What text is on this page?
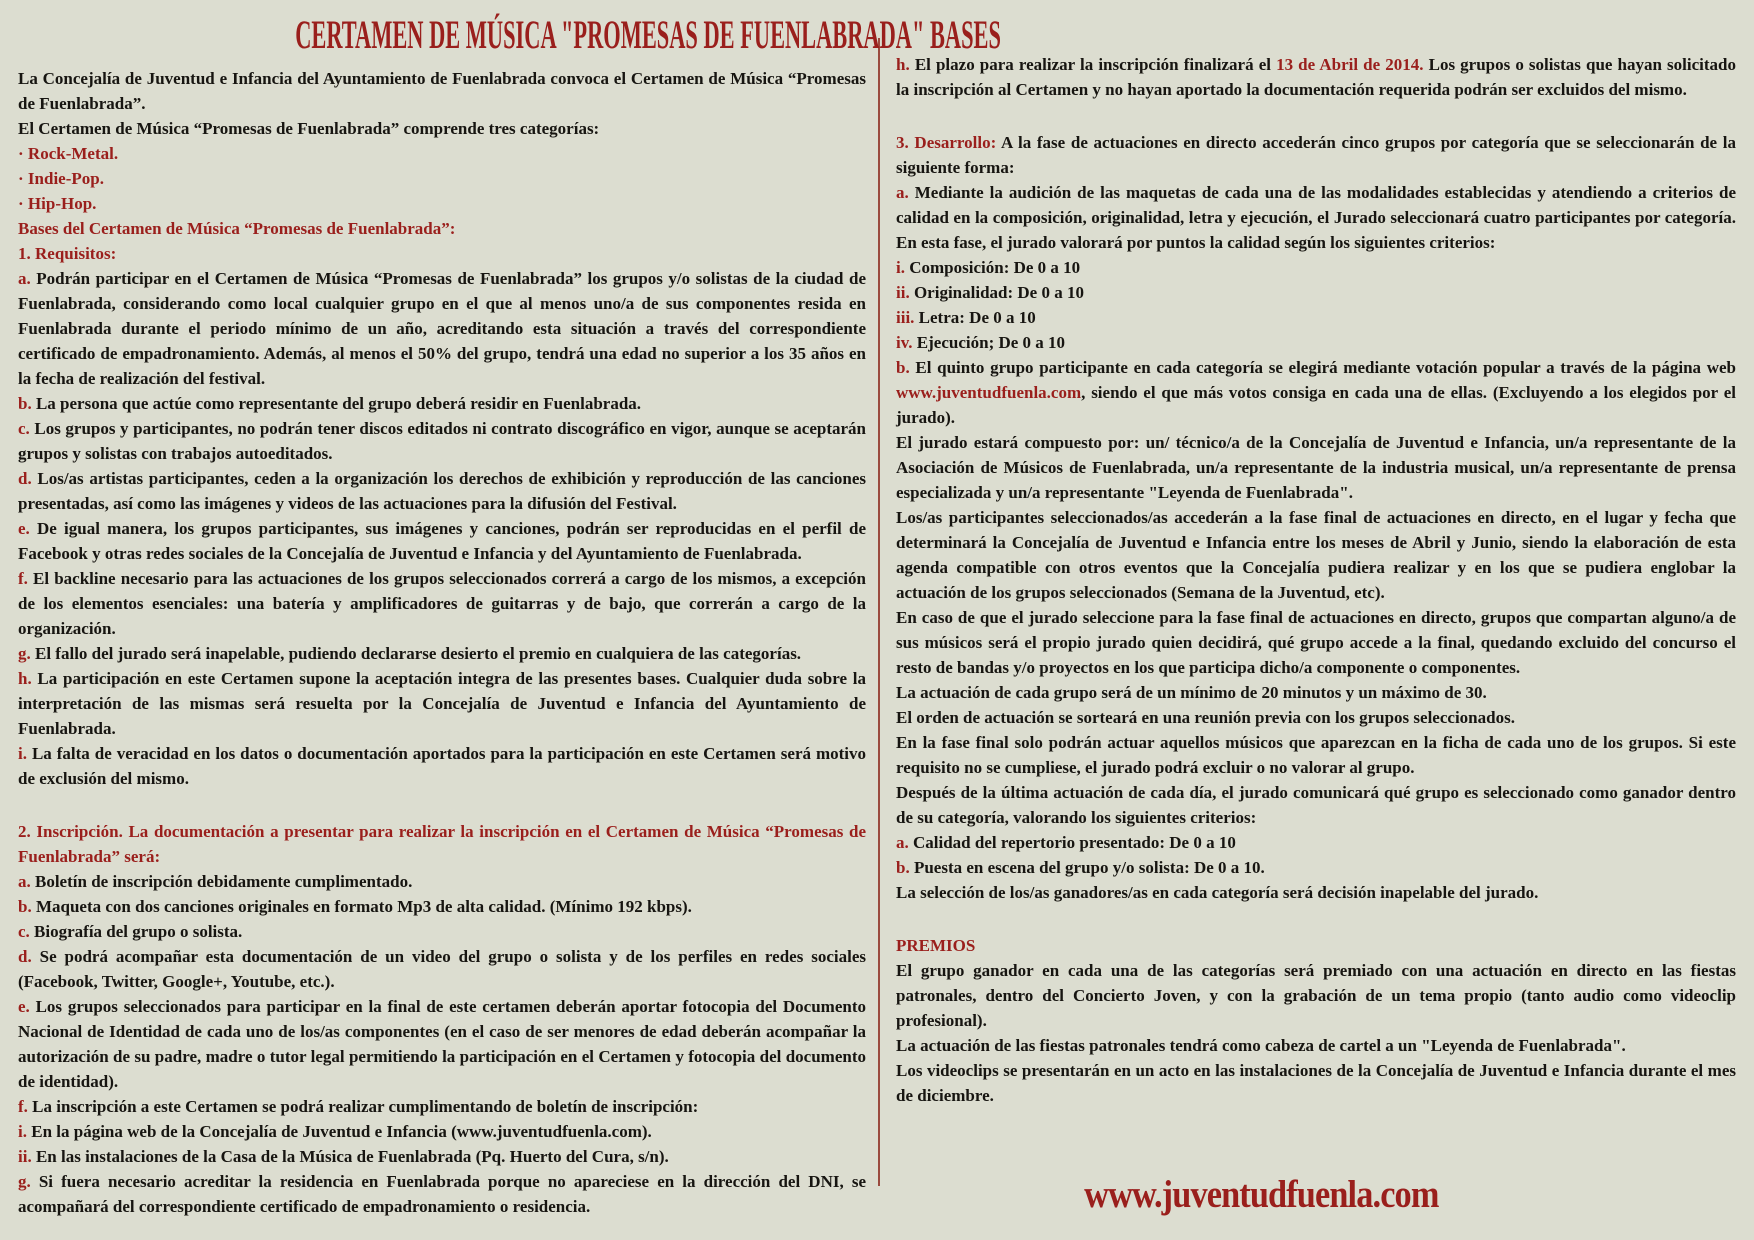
CERTAMEN DE MÚSICA "PROMESAS DE FUENLABRADA" BASES

La Concejalía de Juventud e Infancia del Ayuntamiento de Fuenlabrada convoca el Certamen de Música “Promesas de Fuenlabrada”.

El Certamen de Música “Promesas de Fuenlabrada” comprende tres categorías:

· Rock-Metal.

· Indie-Pop.

· Hip-Hop.

Bases del Certamen de Música “Promesas de Fuenlabrada”:

1. Requisitos:

a. Podrán participar en el Certamen de Música “Promesas de Fuenlabrada” los grupos y/o solistas de la ciudad de Fuenlabrada, considerando como local cualquier grupo en el que al menos uno/a de sus componentes resida en Fuenlabrada durante el periodo mínimo de un año, acreditando esta situación a través del correspondiente certificado de empadronamiento. Además, al menos el 50% del grupo, tendrá una edad no superior a los 35 años en la fecha de realización del festival.

b. La persona que actúe como representante del grupo deberá residir en Fuenlabrada.

c. Los grupos y participantes, no podrán tener discos editados ni contrato discográfico en vigor, aunque se aceptarán grupos y solistas con trabajos autoeditados.

d. Los/as artistas participantes, ceden a la organización los derechos de exhibición y reproducción de las canciones presentadas, así como las imágenes y videos de las actuaciones para la difusión del Festival.

e. De igual manera, los grupos participantes, sus imágenes y canciones, podrán ser reproducidas en el perfil de Facebook y otras redes sociales de la Concejalía de Juventud e Infancia y del Ayuntamiento de Fuenlabrada.

f. El backline necesario para las actuaciones de los grupos seleccionados correrá a cargo de los mismos, a excepción de los elementos esenciales: una batería y amplificadores de guitarras y de bajo, que correrán a cargo de la organización.

g. El fallo del jurado será inapelable, pudiendo declararse desierto el premio en cualquiera de las categorías.

h. La participación en este Certamen supone la aceptación integra de las presentes bases. Cualquier duda sobre la interpretación de las mismas será resuelta por la Concejalía de Juventud e Infancia del Ayuntamiento de Fuenlabrada.

i. La falta de veracidad en los datos o documentación aportados para la participación en este Certamen será motivo de exclusión del mismo.

2. Inscripción. La documentación a presentar para realizar la inscripción en el Certamen de Música “Promesas de Fuenlabrada” será:

a. Boletín de inscripción debidamente cumplimentado.

b. Maqueta con dos canciones originales en formato Mp3 de alta calidad. (Mínimo 192 kbps).

c. Biografía del grupo o solista.

d. Se podrá acompañar esta documentación de un video del grupo o solista y de los perfiles en redes sociales (Facebook, Twitter, Google+, Youtube, etc.).

e. Los grupos seleccionados para participar en la final de este certamen deberán aportar fotocopia del Documento Nacional de Identidad de cada uno de los/as componentes (en el caso de ser menores de edad deberán acompañar la autorización de su padre, madre o tutor legal permitiendo la participación en el Certamen y fotocopia del documento de identidad).

f. La inscripción a este Certamen se podrá realizar cumplimentando de boletín de inscripción:

i. En la página web de la Concejalía de Juventud e Infancia (www.juventudfuenla.com).

ii. En las instalaciones de la Casa de la Música de Fuenlabrada (Pq. Huerto del Cura, s/n).

g. Si fuera necesario acreditar la residencia en Fuenlabrada porque no apareciese en la dirección del DNI, se acompañará del correspondiente certificado de empadronamiento o residencia.

h. El plazo para realizar la inscripción finalizará el 13 de Abril de 2014. Los grupos o solistas que hayan solicitado la inscripción al Certamen y no hayan aportado la documentación requerida podrán ser excluidos del mismo.

3. Desarrollo: A la fase de actuaciones en directo accederán cinco grupos por categoría que se seleccionarán de la siguiente forma:

a. Mediante la audición de las maquetas de cada una de las modalidades establecidas y atendiendo a criterios de calidad en la composición, originalidad, letra y ejecución, el Jurado seleccionará cuatro participantes por categoría. En esta fase, el jurado valorará por puntos la calidad según los siguientes criterios:

i. Composición: De 0 a 10

ii. Originalidad: De 0 a 10

iii. Letra: De 0 a 10

iv. Ejecución; De 0 a 10

b. El quinto grupo participante en cada categoría se elegirá mediante votación popular a través de la página web www.juventudfuenla.com, siendo el que más votos consiga en cada una de ellas. (Excluyendo a los elegidos por el jurado).

El jurado estará compuesto por: un/ técnico/a de la Concejalía de Juventud e Infancia, un/a representante de la Asociación de Músicos de Fuenlabrada, un/a representante de la industria musical, un/a representante de prensa especializada y un/a representante "Leyenda de Fuenlabrada".

Los/as participantes seleccionados/as accederán a la fase final de actuaciones en directo, en el lugar y fecha que determinará la Concejalía de Juventud e Infancia entre los meses de Abril y Junio, siendo la elaboración de esta agenda compatible con otros eventos que la Concejalía pudiera realizar y en los que se pudiera englobar la actuación de los grupos seleccionados (Semana de la Juventud, etc).

En caso de que el jurado seleccione para la fase final de actuaciones en directo, grupos que compartan alguno/a de sus músicos será el propio jurado quien decidirá, qué grupo accede a la final, quedando excluido del concurso el resto de bandas y/o proyectos en los que participa dicho/a componente o componentes.

La actuación de cada grupo será de un mínimo de 20 minutos y un máximo de 30.

El orden de actuación se sorteará en una reunión previa con los grupos seleccionados.

En la fase final solo podrán actuar aquellos músicos que aparezcan en la ficha de cada uno de los grupos. Si este requisito no se cumpliese, el jurado podrá excluir o no valorar al grupo.

Después de la última actuación de cada día, el jurado comunicará qué grupo es seleccionado como ganador dentro de su categoría, valorando los siguientes criterios:

a. Calidad del repertorio presentado: De 0 a 10

b. Puesta en escena del grupo y/o solista: De 0 a 10.

La selección de los/as ganadores/as en cada categoría será decisión inapelable del jurado.

PREMIOS

El grupo ganador en cada una de las categorías será premiado con una actuación en directo en las fiestas patronales, dentro del Concierto Joven, y con la grabación de un tema propio (tanto audio como videoclip profesional).

La actuación de las fiestas patronales tendrá como cabeza de cartel a un "Leyenda de Fuenlabrada".

Los videoclips se presentarán en un acto en las instalaciones de la Concejalía de Juventud e Infancia durante el mes de diciembre.

www.juventudfuenla.com
